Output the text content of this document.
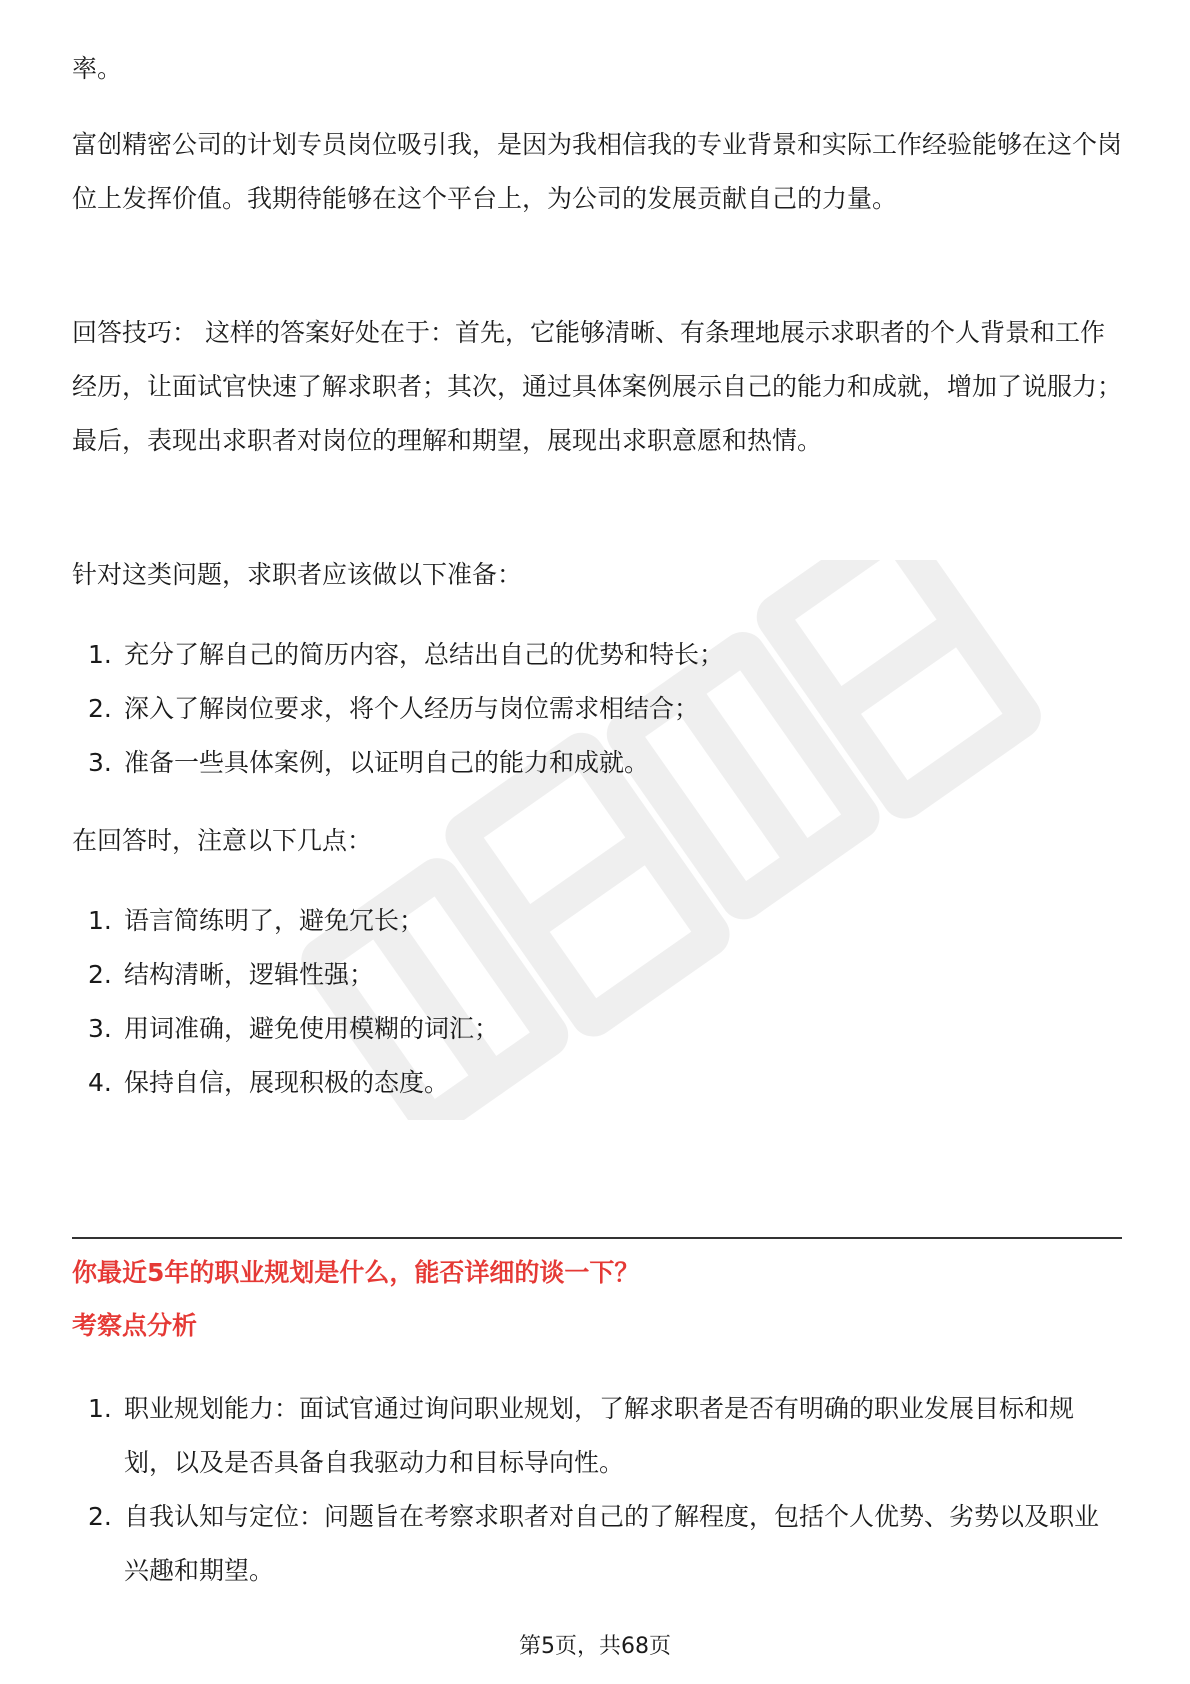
率。

富创精密公司的计划专员岗位吸引我，是因为我相信我的专业背景和实际工作经验能够在这个岗位上发挥价值。我期待能够在这个平台上，为公司的发展贡献自己的力量。

回答技巧： 这样的答案好处在于：首先，它能够清晰、有条理地展示求职者的个人背景和工作经历，让面试官快速了解求职者；其次，通过具体案例展示自己的能力和成就，增加了说服力；最后，表现出求职者对岗位的理解和期望，展现出求职意愿和热情。

针对这类问题，求职者应该做以下准备：

1. 充分了解自己的简历内容，总结出自己的优势和特长；
2. 深入了解岗位要求，将个人经历与岗位需求相结合；
3. 准备一些具体案例，以证明自己的能力和成就。

在回答时，注意以下几点：

1. 语言简练明了，避免冗长；
2. 结构清晰，逻辑性强；
3. 用词准确，避免使用模糊的词汇；
4. 保持自信，展现积极的态度。
你最近5年的职业规划是什么，能否详细的谈一下？
考察点分析
1. 职业规划能力：面试官通过询问职业规划，了解求职者是否有明确的职业发展目标和规划，以及是否具备自我驱动力和目标导向性。
2. 自我认知与定位：问题旨在考察求职者对自己的了解程度，包括个人优势、劣势以及职业兴趣和期望。
第5页，共68页
